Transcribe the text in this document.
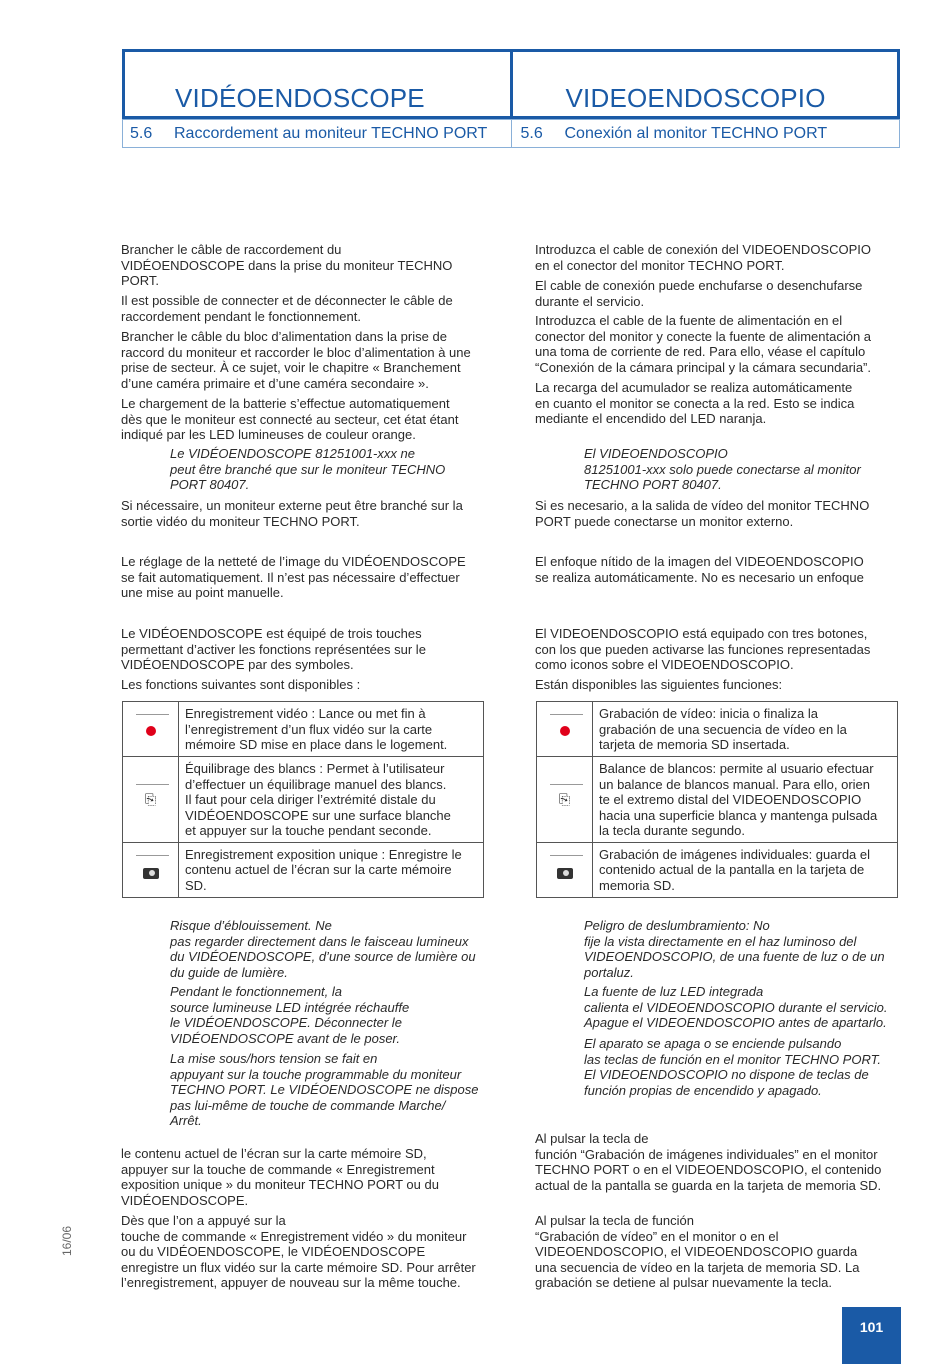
VIDÉOENDOSCOPE	VIDEOENDOSCOPIO
5.6 Raccordement au moniteur TECHNO PORT 5.6 Conexión al monitor TECHNO PORT
Brancher le câble de raccordement du
VIDÉOENDOSCOPE dans la prise du moniteur TECHNO
PORT.
Il est possible de connecter et de déconnecter le câble de
raccordement pendant le fonctionnement.
Brancher le câble du bloc d’alimentation dans la prise de
raccord du moniteur et raccorder le bloc d’alimentation à une
prise de secteur. À ce sujet, voir le chapitre « Branchement
d’une caméra primaire et d’une caméra secondaire ».
Le chargement de la batterie s’effectue automatiquement
dès que le moniteur est connecté au secteur, cet état étant
indiqué par les LED lumineuses de couleur orange.
Le VIDÉOENDOSCOPE 81251001-xxx ne
peut être branché que sur le moniteur TECHNO
PORT 80407.
Si nécessaire, un moniteur externe peut être branché sur la
sortie vidéo du moniteur TECHNO PORT.
Le réglage de la netteté de l’image du VIDÉOENDOSCOPE
se fait automatiquement. Il n’est pas nécessaire d’effectuer
une mise au point manuelle.
Le VIDÉOENDOSCOPE est équipé de trois touches
permettant d’activer les fonctions représentées sur le
VIDÉOENDOSCOPE par des symboles.
Les fonctions suivantes sont disponibles :
	Enregistrement vidéo : Lance ou met fin à
l’enregistrement d’un flux vidéo sur la carte
mémoire SD mise en place dans le logement.

⎘	Équilibrage des blancs : Permet à l’utilisateur
d’effectuer un équilibrage manuel des blancs.
Il faut pour cela diriger l’extrémité distale du
VIDÉOENDOSCOPE sur une surface blanche
et appuyer sur la touche pendant seconde.

	Enregistrement exposition unique : Enregistre le
contenu actuel de l’écran sur la carte mémoire
SD.
Risque d’éblouissement. Ne
pas regarder directement dans le faisceau lumineux
du VIDÉOENDOSCOPE, d’une source de lumière ou
du guide de lumière.
Pendant le fonctionnement, la
source lumineuse LED intégrée réchauffe
le VIDÉOENDOSCOPE. Déconnecter le
VIDÉOENDOSCOPE avant de le poser.
La mise sous/hors tension se fait en
appuyant sur la touche programmable du moniteur
TECHNO PORT. Le VIDÉOENDOSCOPE ne dispose
pas lui-même de touche de commande Marche/
Arrêt.
le contenu actuel de l’écran sur la carte mémoire SD,
appuyer sur la touche de commande « Enregistrement
exposition unique » du moniteur TECHNO PORT ou du
VIDÉOENDOSCOPE.
Dès que l’on a appuyé sur la
touche de commande « Enregistrement vidéo » du moniteur
ou du VIDÉOENDOSCOPE, le VIDÉOENDOSCOPE
enregistre un flux vidéo sur la carte mémoire SD. Pour arrêter
l’enregistrement, appuyer de nouveau sur la même touche.
Introduzca el cable de conexión del VIDEOENDOSCOPIO
en el conector del monitor TECHNO PORT.
El cable de conexión puede enchufarse o desenchufarse
durante el servicio.
Introduzca el cable de la fuente de alimentación en el
conector del monitor y conecte la fuente de alimentación a
una toma de corriente de red. Para ello, véase el capítulo
“Conexión de la cámara principal y la cámara secundaria”.
La recarga del acumulador se realiza automáticamente
en cuanto el monitor se conecta a la red. Esto se indica
mediante el encendido del LED naranja.
El VIDEOENDOSCOPIO
81251001-xxx solo puede conectarse al monitor
TECHNO PORT 80407.
Si es necesario, a la salida de vídeo del monitor TECHNO
PORT puede conectarse un monitor externo.
El enfoque nítido de la imagen del VIDEOENDOSCOPIO
se realiza automáticamente. No es necesario un enfoque
El VIDEOENDOSCOPIO está equipado con tres botones,
con los que pueden activarse las funciones representadas
como iconos sobre el VIDEOENDOSCOPIO.
Están disponibles las siguientes funciones:
	Grabación de vídeo: inicia o finaliza la
grabación de una secuencia de vídeo en la
tarjeta de memoria SD insertada.

⎘	Balance de blancos: permite al usuario efectuar
un balance de blancos manual. Para ello, orien
te el extremo distal del VIDEOENDOSCOPIO
hacia una superficie blanca y mantenga pulsada
la tecla durante segundo.

	Grabación de imágenes individuales: guarda el
contenido actual de la pantalla en la tarjeta de
memoria SD.
Peligro de deslumbramiento: No
fije la vista directamente en el haz luminoso del
VIDEOENDOSCOPIO, de una fuente de luz o de un
portaluz.
La fuente de luz LED integrada
calienta el VIDEOENDOSCOPIO durante el servicio.
Apague el VIDEOENDOSCOPIO antes de apartarlo.
El aparato se apaga o se enciende pulsando
las teclas de función en el monitor TECHNO PORT.
El VIDEOENDOSCOPIO no dispone de teclas de
función propias de encendido y apagado.
Al pulsar la tecla de
función “Grabación de imágenes individuales” en el monitor
TECHNO PORT o en el VIDEOENDOSCOPIO, el contenido
actual de la pantalla se guarda en la tarjeta de memoria SD.
Al pulsar la tecla de función
“Grabación de vídeo” en el monitor o en el
VIDEOENDOSCOPIO, el VIDEOENDOSCOPIO guarda
una secuencia de vídeo en la tarjeta de memoria SD. La
grabación se detiene al pulsar nuevamente la tecla.
16/06
101
